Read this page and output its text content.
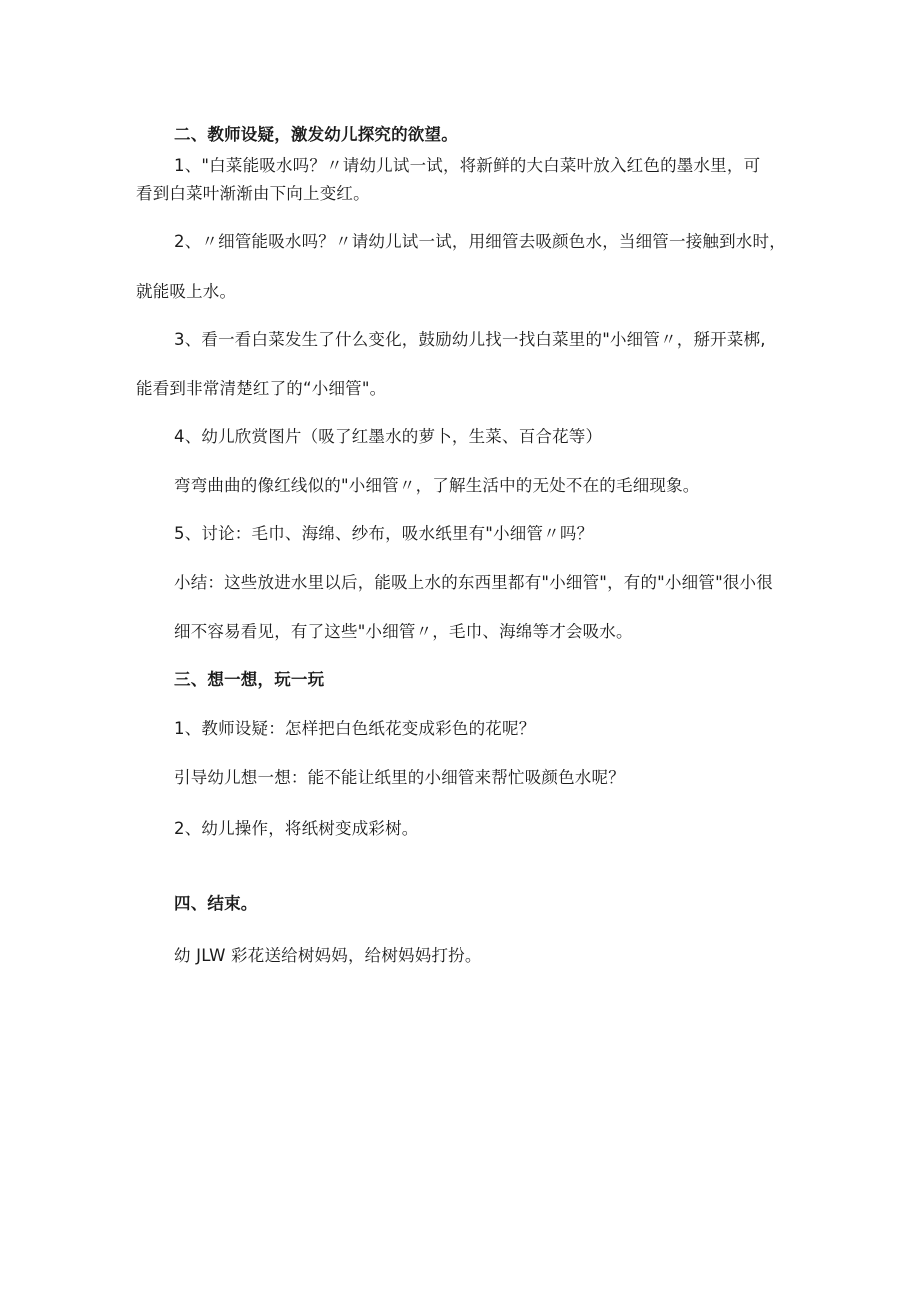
二、教师设疑，激发幼儿探究的欲望。
1、"白菜能吸水吗？〃请幼儿试一试，将新鲜的大白菜叶放入红色的墨水里，可
看到白菜叶渐渐由下向上变红。
2、〃细管能吸水吗？〃请幼儿试一试，用细管去吸颜色水，当细管一接触到水时，
就能吸上水。
3、看一看白菜发生了什么变化，鼓励幼儿找一找白菜里的"小细管〃，掰开菜梆,
能看到非常清楚红了的“小细管"。
4、幼儿欣赏图片（吸了红墨水的萝卜，生菜、百合花等）
弯弯曲曲的像红线似的"小细管〃，了解生活中的无处不在的毛细现象。
5、讨论：毛巾、海绵、纱布，吸水纸里有"小细管〃吗？
小结：这些放进水里以后，能吸上水的东西里都有"小细管"，有的"小细管"很小很
细不容易看见，有了这些"小细管〃，毛巾、海绵等才会吸水。
三、想一想，玩一玩
1、教师设疑：怎样把白色纸花变成彩色的花呢？
引导幼儿想一想：能不能让纸里的小细管来帮忙吸颜色水呢？
2、幼儿操作，将纸树变成彩树。
四、结束。
幼 JLW 彩花送给树妈妈，给树妈妈打扮。
